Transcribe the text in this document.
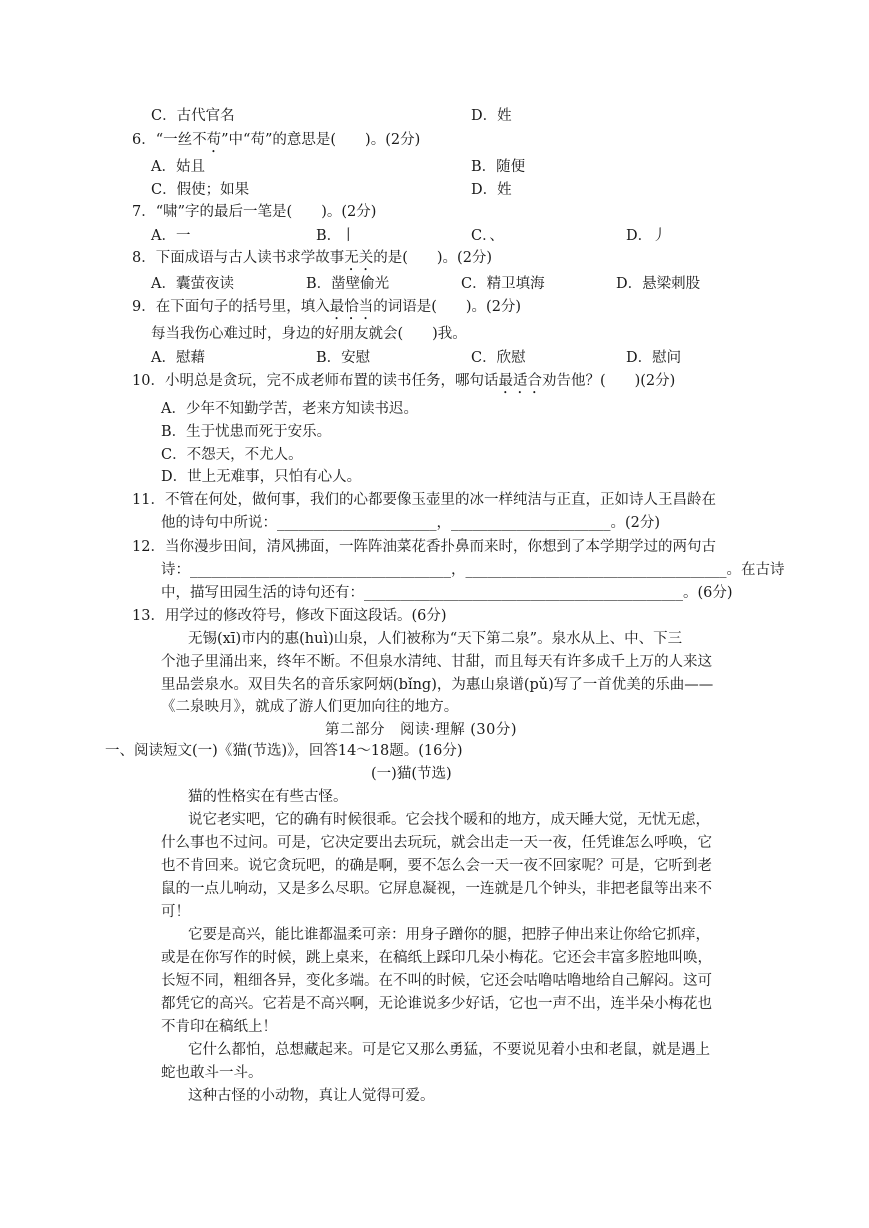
C．古代官名	D．姓
6．“一丝不苟”中“苟”的意思是(　　)。(2分)
A．姑且	B．随便
C．假使；如果	D．姓
7．“啸”字的最后一笔是(　　)。(2分)
A．一	B．丨	C．、	D．丿
8．下面成语与古人读书求学故事无关的是(　　)。(2分)
A．囊萤夜读	B．凿壁偷光	C．精卫填海	D．悬梁刺股
9．在下面句子的括号里，填入最恰当的词语是(　　)。(2分)
每当我伤心难过时，身边的好朋友就会(　　)我。
A．慰藉	B．安慰	C．欣慰	D．慰问
10．小明总是贪玩，完不成老师布置的读书任务，哪句话最适合劝告他？(　　)(2分)
A．少年不知勤学苦，老来方知读书迟。
B．生于忧患而死于安乐。
C．不怨天，不尤人。
D．世上无难事，只怕有心人。
11．不管在何处，做何事，我们的心都要像玉壶里的冰一样纯洁与正直，正如诗人王昌龄在
他的诗句中所说：______________________，______________________。(2分)
12．当你漫步田间，清风拂面，一阵阵油菜花香扑鼻而来时，你想到了本学期学过的两句古
诗：____________________________________，____________________________________。在古诗
中，描写田园生活的诗句还有：____________________________________________。(6分)
13．用学过的修改符号，修改下面这段话。(6分)
无锡(xī)市内的惠(huì)山泉，人们被称为“天下第二泉”。泉水从上、中、下三
个池子里涌出来，终年不断。不但泉水清纯、甘甜，而且每天有许多成千上万的人来这
里品尝泉水。双目失名的音乐家阿炳(bǐng)，为惠山泉谱(pǔ)写了一首优美的乐曲——
《二泉映月》，就成了游人们更加向往的地方。
第二部分　阅读·理解 (30分)
一、阅读短文(一)《猫(节选)》，回答14～18题。(16分)
(一)猫(节选)
猫的性格实在有些古怪。
说它老实吧，它的确有时候很乖。它会找个暖和的地方，成天睡大觉，无忧无虑，
什么事也不过问。可是，它决定要出去玩玩，就会出走一天一夜，任凭谁怎么呼唤，它
也不肯回来。说它贪玩吧，的确是啊，要不怎么会一天一夜不回家呢？可是，它听到老
鼠的一点儿响动，又是多么尽职。它屏息凝视，一连就是几个钟头，非把老鼠等出来不
可！
它要是高兴，能比谁都温柔可亲：用身子蹭你的腿，把脖子伸出来让你给它抓痒，
或是在你写作的时候，跳上桌来，在稿纸上踩印几朵小梅花。它还会丰富多腔地叫唤，
长短不同，粗细各异，变化多端。在不叫的时候，它还会咕噜咕噜地给自己解闷。这可
都凭它的高兴。它若是不高兴啊，无论谁说多少好话，它也一声不出，连半朵小梅花也
不肯印在稿纸上！
它什么都怕，总想藏起来。可是它又那么勇猛，不要说见着小虫和老鼠，就是遇上
蛇也敢斗一斗。
这种古怪的小动物，真让人觉得可爱。
